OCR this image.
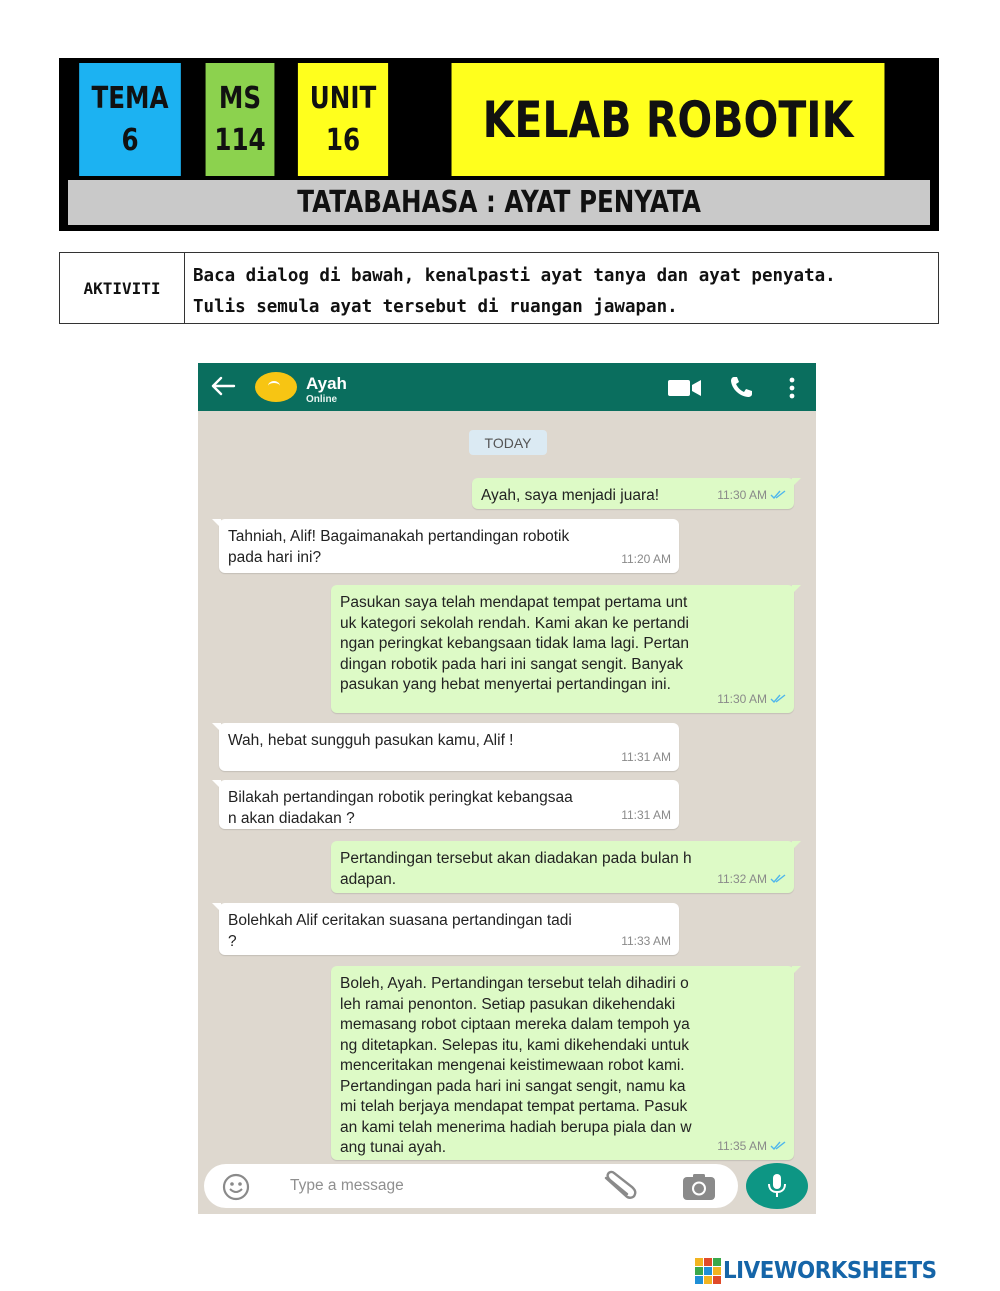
TEMA
6
MS
114
UNIT
16	KELAB ROBOTIK
TATABAHASA : AYAT PENYATA
AKTIVITI
Baca dialog di bawah, kenalpasti ayat tanya dan ayat penyata.
Tulis semula ayat tersebut di ruangan jawapan.
Ayah
Online
TODAY
Ayah, saya menjadi juara!	11:30 AM
Tahniah, Alif! Bagaimanakah pertandingan robotik
pada hari ini?	11:20 AM
Pasukan saya telah mendapat tempat pertama unt
uk kategori sekolah rendah. Kami akan ke pertandi
ngan peringkat kebangsaan tidak lama lagi. Pertan
dingan robotik pada hari ini sangat sengit. Banyak
pasukan yang hebat menyertai pertandingan ini.
11:30 AM
Wah, hebat sungguh pasukan kamu, Alif !
11:31 AM
Bilakah pertandingan robotik peringkat kebangsaa
n akan diadakan ?	11:31 AM
Pertandingan tersebut akan diadakan pada bulan h
adapan.	11:32 AM
Bolehkah Alif ceritakan suasana pertandingan tadi
?	11:33 AM
Boleh, Ayah. Pertandingan tersebut telah dihadiri o
leh ramai penonton. Setiap pasukan dikehendaki
memasang robot ciptaan mereka dalam tempoh ya
ng ditetapkan. Selepas itu, kami dikehendaki untuk
menceritakan mengenai keistimewaan robot kami.
Pertandingan pada hari ini sangat sengit, namu ka
mi telah berjaya mendapat tempat pertama. Pasuk
an kami telah menerima hadiah berupa piala dan w
ang tunai ayah.	11:35 AM
Type a message
LIVEWORKSHEETS
